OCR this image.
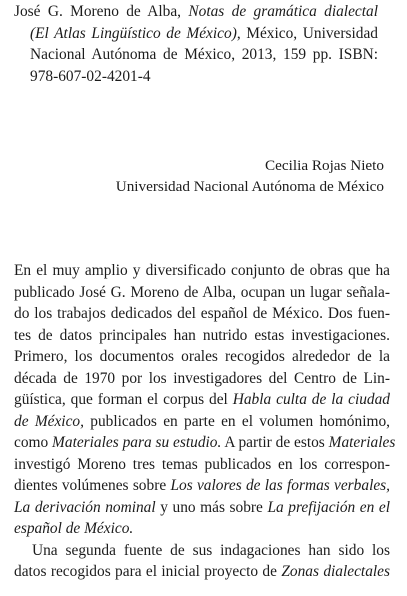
José G. Moreno de Alba, Notas de gramática dialectal
(El Atlas Lingüístico de México), México, Universidad
Nacional Autónoma de México, 2013, 159 pp. ISBN:
978-607-02-4201-4
Cecilia Rojas Nieto
Universidad Nacional Autónoma de México
En el muy amplio y diversificado conjunto de obras que ha
publicado José G. Moreno de Alba, ocupan un lugar señala-
do los trabajos dedicados del español de México. Dos fuen-
tes de datos principales han nutrido estas investigaciones.
Primero, los documentos orales recogidos alrededor de la
década de 1970 por los investigadores del Centro de Lin-
güística, que forman el corpus del Habla culta de la ciudad
de México, publicados en parte en el volumen homónimo,
como Materiales para su estudio. A partir de estos Materiales
investigó Moreno tres temas publicados en los correspon-
dientes volúmenes sobre Los valores de las formas verbales,
La derivación nominal y uno más sobre La prefijación en el
español de México.
Una segunda fuente de sus indagaciones han sido los
datos recogidos para el inicial proyecto de Zonas dialectales
